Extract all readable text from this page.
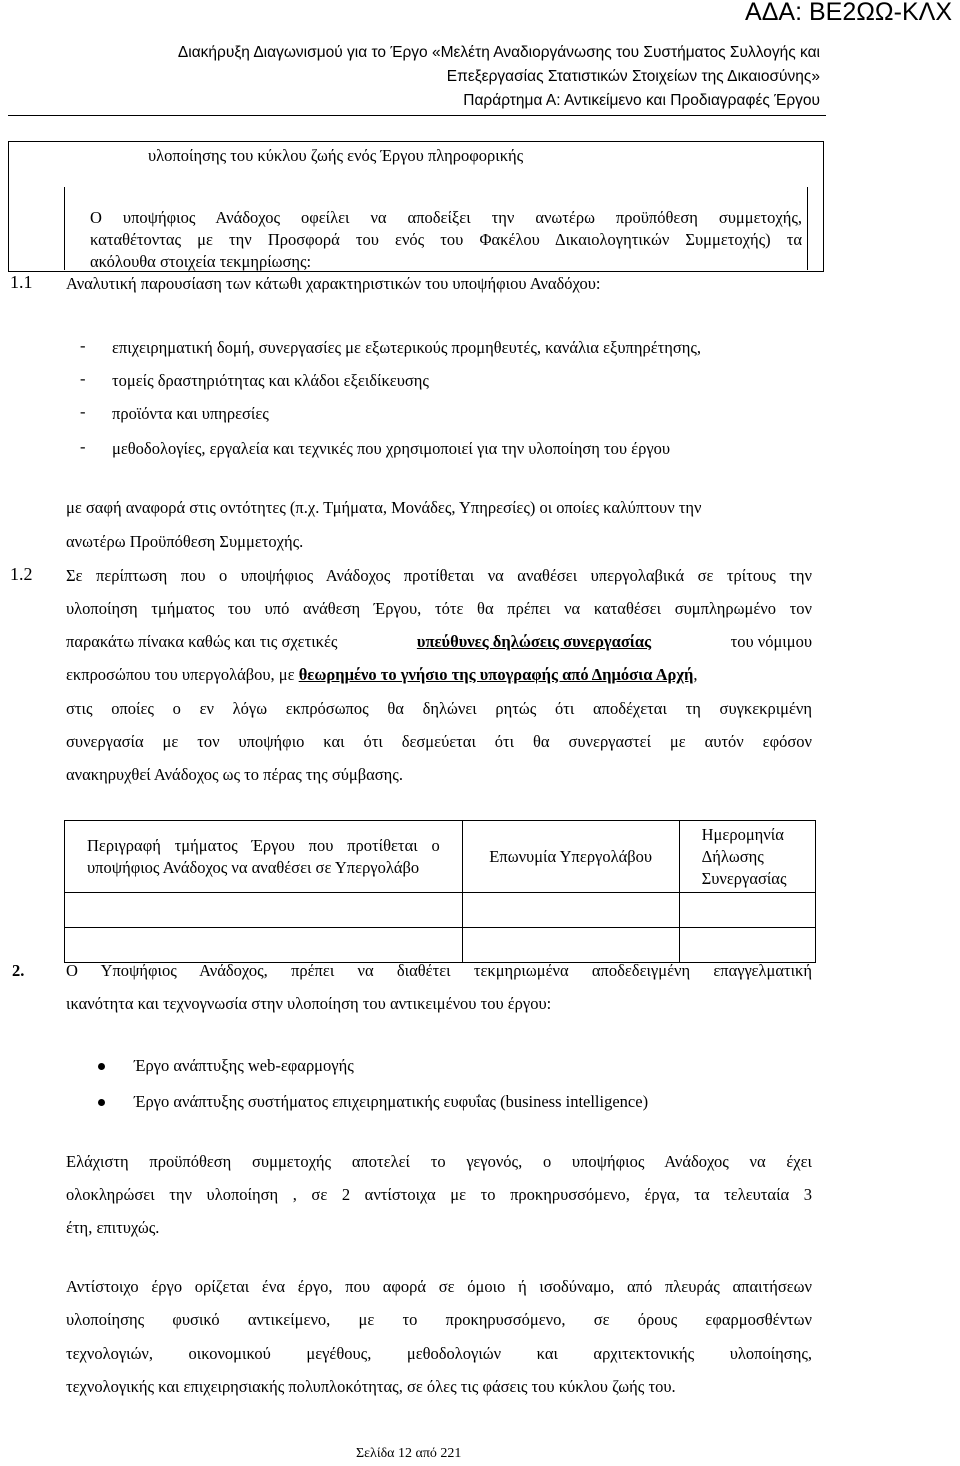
ΑΔΑ: ΒΕ2ΩΩ-ΚΛΧ
Διακήρυξη Διαγωνισμού για το Έργο «Μελέτη Αναδιοργάνωσης του Συστήματος Συλλογής και
Επεξεργασίας Στατιστικών Στοιχείων της Δικαιοσύνης»
Παράρτημα Α: Αντικείμενο και Προδιαγραφές Έργου
υλοποίησης του κύκλου ζωής ενός Έργου πληροφορικής
Ο υποψήφιος Ανάδοχος οφείλει να αποδείξει την ανωτέρω προϋπόθεση συμμετοχής,
καταθέτοντας με την Προσφορά του ενός του Φακέλου Δικαιολογητικών Συμμετοχής) τα
ακόλουθα στοιχεία τεκμηρίωσης:
1.1 Αναλυτική παρουσίαση των κάτωθι χαρακτηριστικών του υποψήφιου Αναδόχου:
- επιχειρηματική δομή, συνεργασίες με εξωτερικούς προμηθευτές, κανάλια εξυπηρέτησης,
- τομείς δραστηριότητας και κλάδοι εξειδίκευσης
- προϊόντα και υπηρεσίες
- μεθοδολογίες, εργαλεία και τεχνικές που χρησιμοποιεί για την υλοποίηση του έργου
με σαφή αναφορά στις οντότητες (π.χ. Τμήματα, Μονάδες, Υπηρεσίες) οι οποίες καλύπτουν την
ανωτέρω Προϋπόθεση Συμμετοχής.
1.2 Σε περίπτωση που ο υποψήφιος Ανάδοχος προτίθεται να αναθέσει υπεργολαβικά σε τρίτους την
υλοποίηση τμήματος του υπό ανάθεση Έργου, τότε θα πρέπει να καταθέσει συμπληρωμένο τον
παρακάτω πίνακα καθώς και τις σχετικές	υπεύθυνες δηλώσεις συνεργασίας	του νόμιμου
εκπροσώπου του υπεργολάβου, με θεωρημένο το γνήσιο της υπογραφής από Δημόσια Αρχή,
στις οποίες ο εν λόγω εκπρόσωπος θα δηλώνει ρητώς ότι αποδέχεται τη συγκεκριμένη
συνεργασία με τον υποψήφιο και ότι δεσμεύεται ότι θα συνεργαστεί με αυτόν εφόσον
ανακηρυχθεί Ανάδοχος ως το πέρας της σύμβασης.
Περιγραφή τμήματος Έργου που προτίθεται ο υποψήφιος Ανάδοχος να αναθέσει σε Υπεργολάβο	Επωνυμία Υπεργολάβου	Ημερομηνία Δήλωσης Συνεργασίας

2.	Ο Υποψήφιος Ανάδοχος, πρέπει να διαθέτει τεκμηριωμένα αποδεδειγμένη επαγγελματική
ικανότητα και τεχνογνωσία στην υλοποίηση του αντικειμένου του έργου:
Έργο ανάπτυξης web-εφαρμογής
Έργο ανάπτυξης συστήματος επιχειρηματικής ευφυΐας (business intelligence)
Ελάχιστη προϋπόθεση συμμετοχής αποτελεί το γεγονός, ο υποψήφιος Ανάδοχος να έχει
ολοκληρώσει την υλοποίηση , σε 2 αντίστοιχα με το προκηρυσσόμενο, έργα, τα τελευταία 3
έτη, επιτυχώς.
Αντίστοιχο έργο ορίζεται ένα έργο, που αφορά σε όμοιο ή ισοδύναμο, από πλευράς απαιτήσεων
υλοποίησης φυσικό αντικείμενο, με το προκηρυσσόμενο, σε όρους εφαρμοσθέντων
τεχνολογιών, οικονομικού μεγέθους, μεθοδολογιών και αρχιτεκτονικής υλοποίησης,
τεχνολογικής και επιχειρησιακής πολυπλοκότητας, σε όλες τις φάσεις του κύκλου ζωής του.
Σελίδα 12 από 221
